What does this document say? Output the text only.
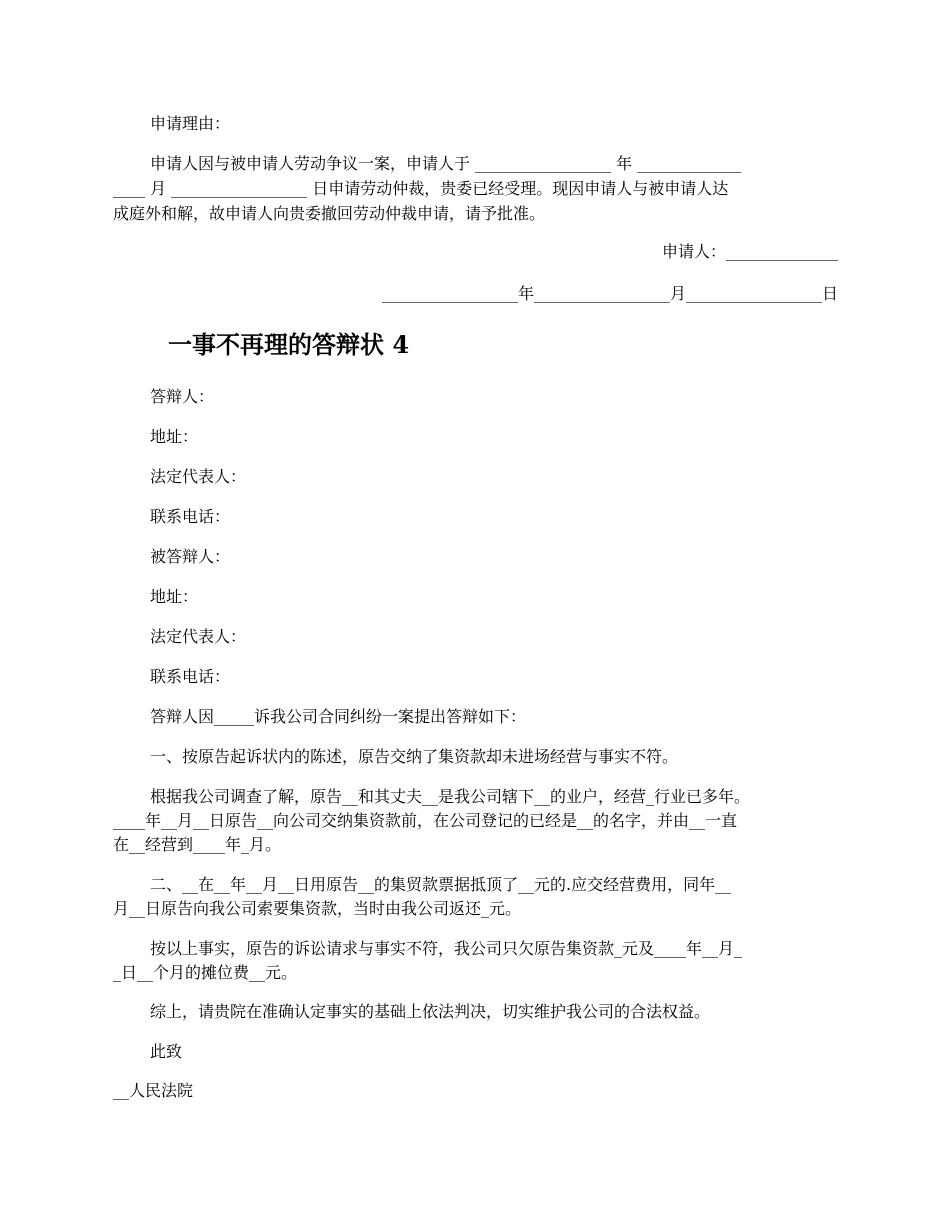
申请理由：
申请人因与被申请人劳动争议一案，申请人于 _________________ 年 _____________
____ 月 _________________ 日申请劳动仲裁，贵委已经受理。现因申请人与被申请人达
成庭外和解，故申请人向贵委撤回劳动仲裁申请，请予批准。
申请人：______________
_________________年_________________月_________________日
一事不再理的答辩状 4
答辩人：
地址：
法定代表人：
联系电话：
被答辩人：
地址：
法定代表人：
联系电话：
答辩人因_____诉我公司合同纠纷一案提出答辩如下：
一、按原告起诉状内的陈述，原告交纳了集资款却未进场经营与事实不符。
根据我公司调查了解，原告__和其丈夫__是我公司辖下__的业户，经营_行业已多年。
____年__月__日原告__向公司交纳集资款前，在公司登记的已经是__的名字，并由__一直
在__经营到____年_月。
二、__在__年__月__日用原告__的集贸款票据抵顶了__元的.应交经营费用，同年__
月__日原告向我公司索要集资款，当时由我公司返还_元。
按以上事实，原告的诉讼请求与事实不符，我公司只欠原告集资款_元及____年__月_
_日__个月的摊位费__元。
综上，请贵院在准确认定事实的基础上依法判决，切实维护我公司的合法权益。
此致
__人民法院
